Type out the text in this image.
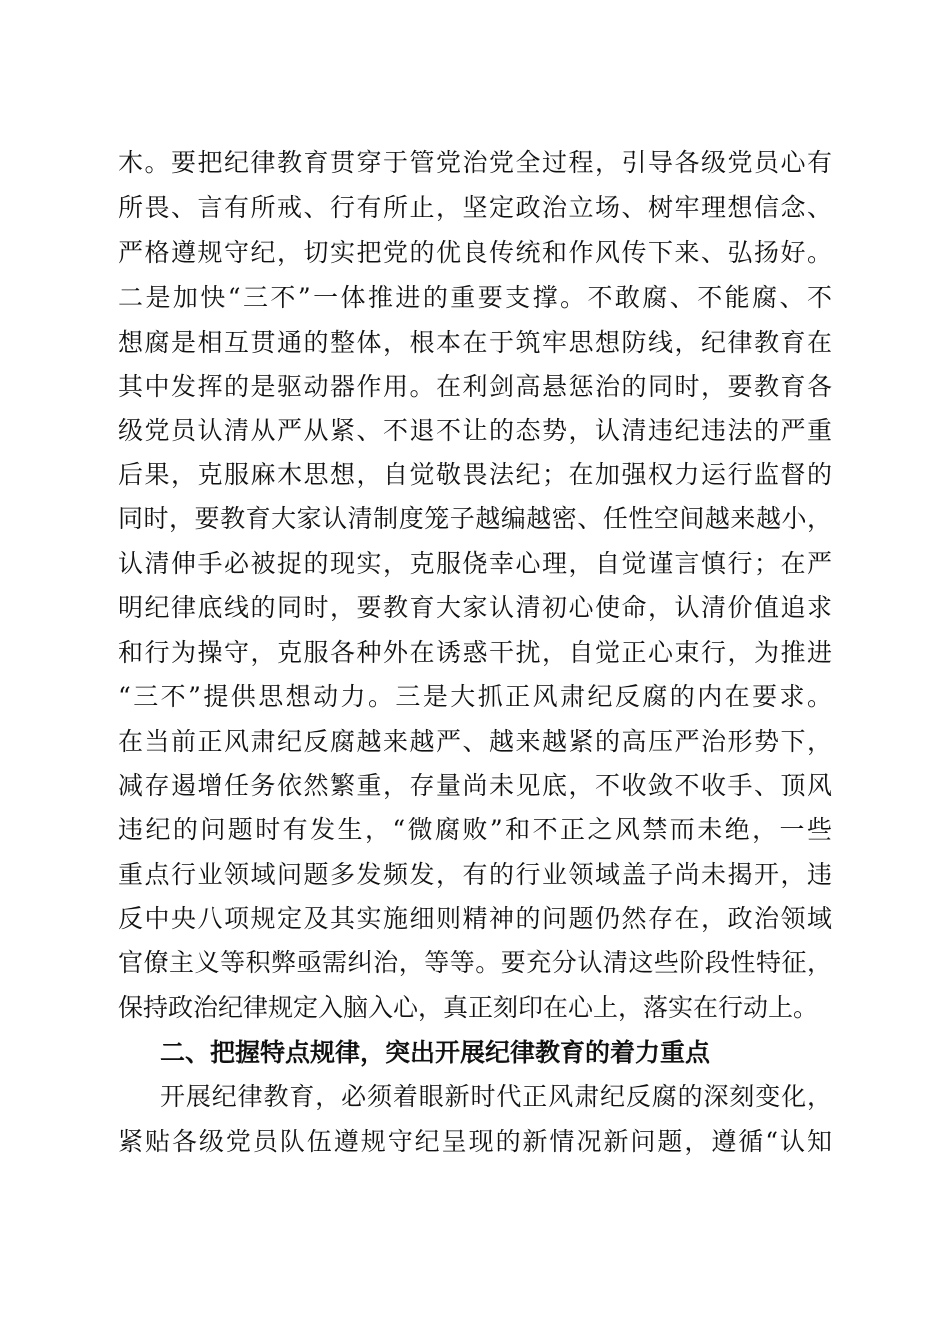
木。要把纪律教育贯穿于管党治党全过程，引导各级党员心有
所畏、言有所戒、行有所止，坚定政治立场、树牢理想信念、
严格遵规守纪，切实把党的优良传统和作风传下来、弘扬好。
二是加快“三不”一体推进的重要支撑。不敢腐、不能腐、不
想腐是相互贯通的整体，根本在于筑牢思想防线，纪律教育在
其中发挥的是驱动器作用。在利剑高悬惩治的同时，要教育各
级党员认清从严从紧、不退不让的态势，认清违纪违法的严重
后果，克服麻木思想，自觉敬畏法纪；在加强权力运行监督的
同时，要教育大家认清制度笼子越编越密、任性空间越来越小，
认清伸手必被捉的现实，克服侥幸心理，自觉谨言慎行；在严
明纪律底线的同时，要教育大家认清初心使命，认清价值追求
和行为操守，克服各种外在诱惑干扰，自觉正心束行，为推进
“三不”提供思想动力。三是大抓正风肃纪反腐的内在要求。
在当前正风肃纪反腐越来越严、越来越紧的高压严治形势下，
减存遏增任务依然繁重，存量尚未见底，不收敛不收手、顶风
违纪的问题时有发生，“微腐败”和不正之风禁而未绝，一些
重点行业领域问题多发频发，有的行业领域盖子尚未揭开，违
反中央八项规定及其实施细则精神的问题仍然存在，政治领域
官僚主义等积弊亟需纠治，等等。要充分认清这些阶段性特征，
保持政治纪律规定入脑入心，真正刻印在心上，落实在行动上。
二、把握特点规律，突出开展纪律教育的着力重点
开展纪律教育，必须着眼新时代正风肃纪反腐的深刻变化，
紧贴各级党员队伍遵规守纪呈现的新情况新问题，遵循“认知
